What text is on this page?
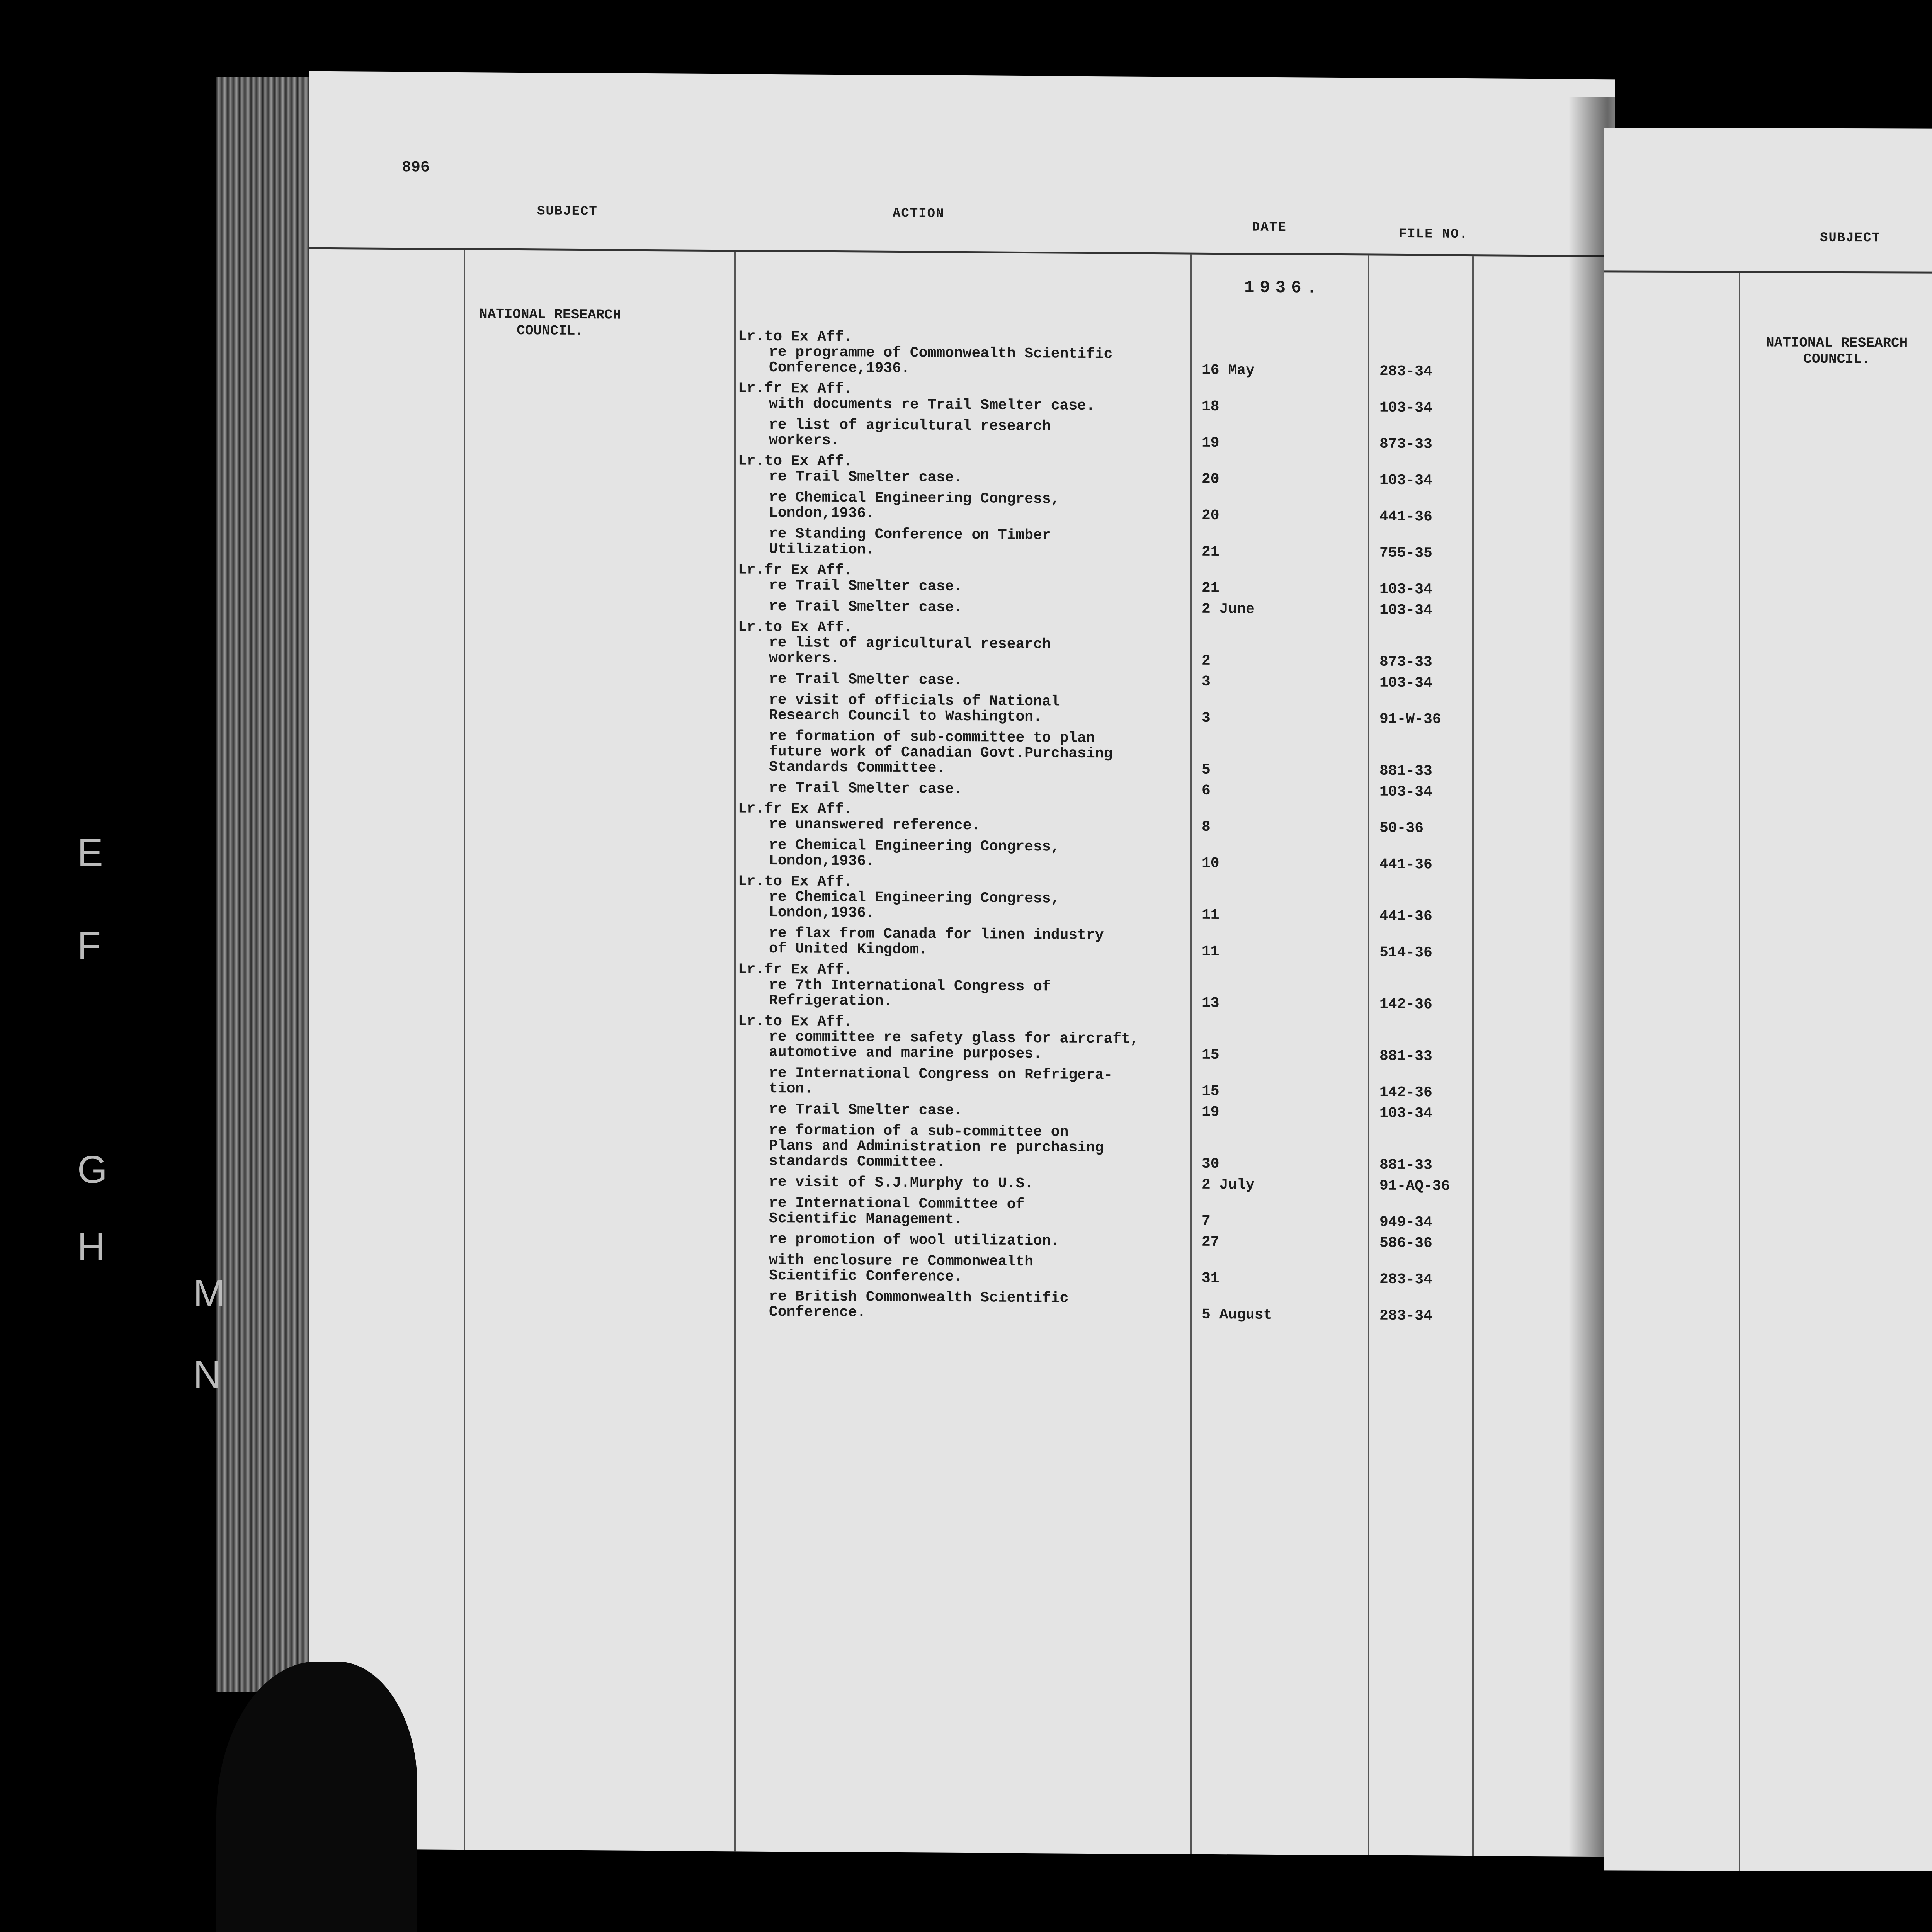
E
F
G
H
M
N
896
SUBJECT	ACTION
DATE	FILE NO.
1936.
NATIONAL RESEARCH
COUNCIL.	Lr.to Ex Aff.
re programme of Commonwealth Scientific
Conference,1936.	16 May	283-34
Lr.fr Ex Aff.
with documents re Trail Smelter case.	18	103-34
re list of agricultural research
workers.	19	873-33
Lr.to Ex Aff.
re Trail Smelter case.	20	103-34
re Chemical Engineering Congress,
London,1936.	20	441-36
re Standing Conference on Timber
Utilization.	21	755-35
Lr.fr Ex Aff.
re Trail Smelter case.	21	103-34
re Trail Smelter case.	2 June	103-34
Lr.to Ex Aff.
re list of agricultural research
workers.	2	873-33
re Trail Smelter case.	3	103-34
re visit of officials of National
Research Council to Washington.	3	91-W-36
re formation of sub-committee to plan
future work of Canadian Govt.Purchasing
Standards Committee.	5	881-33
re Trail Smelter case.	6	103-34
Lr.fr Ex Aff.
re unanswered reference.	8	50-36
re Chemical Engineering Congress,
London,1936.	10	441-36
Lr.to Ex Aff.
re Chemical Engineering Congress,
London,1936.	11	441-36
re flax from Canada for linen industry
of United Kingdom.	11	514-36
Lr.fr Ex Aff.
re 7th International Congress of
Refrigeration.	13	142-36
Lr.to Ex Aff.
re committee re safety glass for aircraft,
automotive and marine purposes.	15	881-33
re International Congress on Refrigera-
tion.	15	142-36
re Trail Smelter case.	19	103-34
re formation of a sub-committee on
Plans and Administration re purchasing
standards Committee.	30	881-33
re visit of S.J.Murphy to U.S.	2 July	91-AQ-36
re International Committee of
Scientific Management.	7	949-34
re promotion of wool utilization.	27	586-36
with enclosure re Commonwealth
Scientific Conference.	31	283-34
re British Commonwealth Scientific
Conference.	5 August	283-34
SUBJECT
NATIONAL RESEARCH
COUNCIL.
